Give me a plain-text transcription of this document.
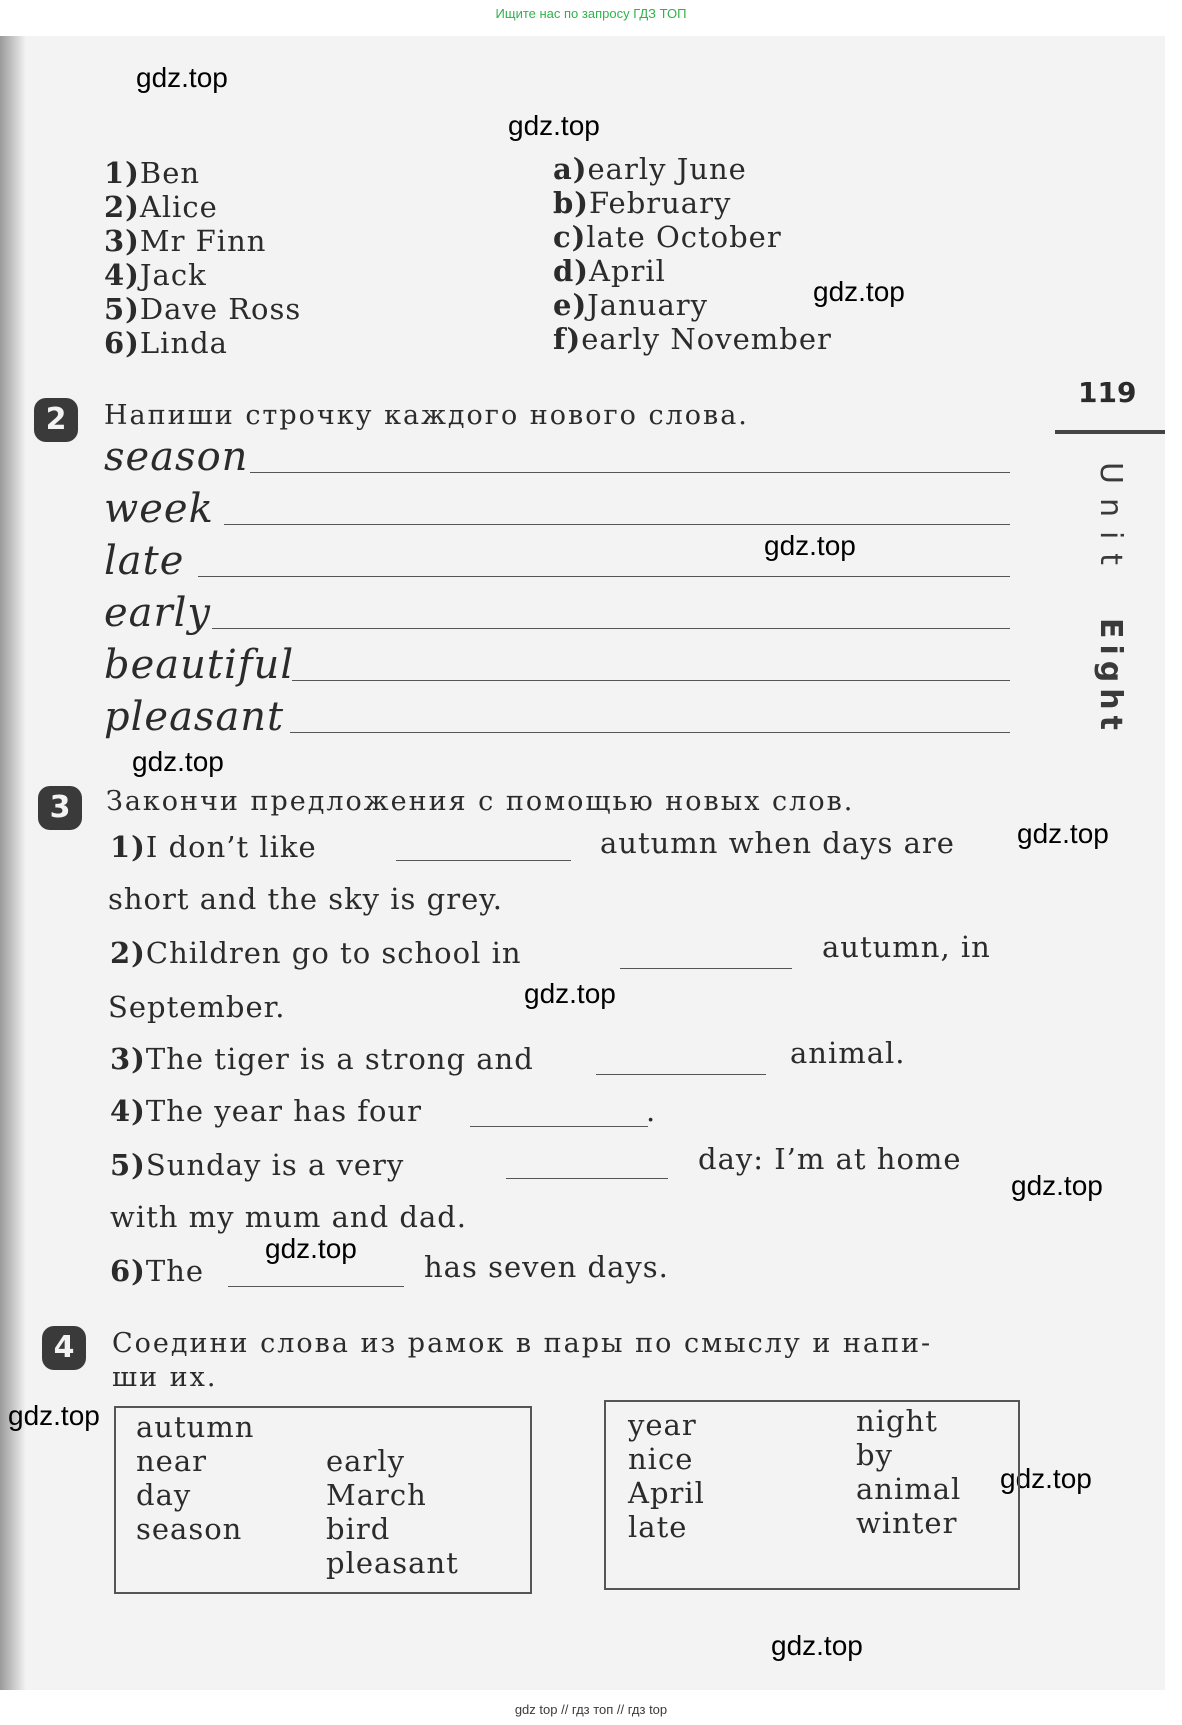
Ищите нас по запросу ГДЗ ТОП
gdz.top
gdz.top
gdz.top
gdz.top
gdz.top
gdz.top
gdz.top
gdz.top
gdz.top
gdz.top
gdz.top
gdz.top
119
Unit
Eight
1)Ben
2)Alice
3)Mr Finn
4)Jack
5)Dave Ross
6)Linda
a)early June
b)February
c)late October
d)April
e)January
f)early November
2	Напиши строчку каждого нового слова.
season
week
late
early
beautiful
pleasant
3	Закончи предложения с помощью новых слов.
1)I don’t like	autumn when days are
short and the sky is grey.
2)Children go to school in	autumn, in
September.
3)The tiger is a strong and	animal.
4)The year has four	.
5)Sunday is a very	day: I’m at home
with my mum and dad.
6)The	has seven days.
4	Соедини слова из рамок в пары по смыслу и напи-
ши их.
autumn
near
day
season
early
March
bird
pleasant
year
nice
April
late
night
by
animal
winter
gdz top // гдз топ // гдз top
